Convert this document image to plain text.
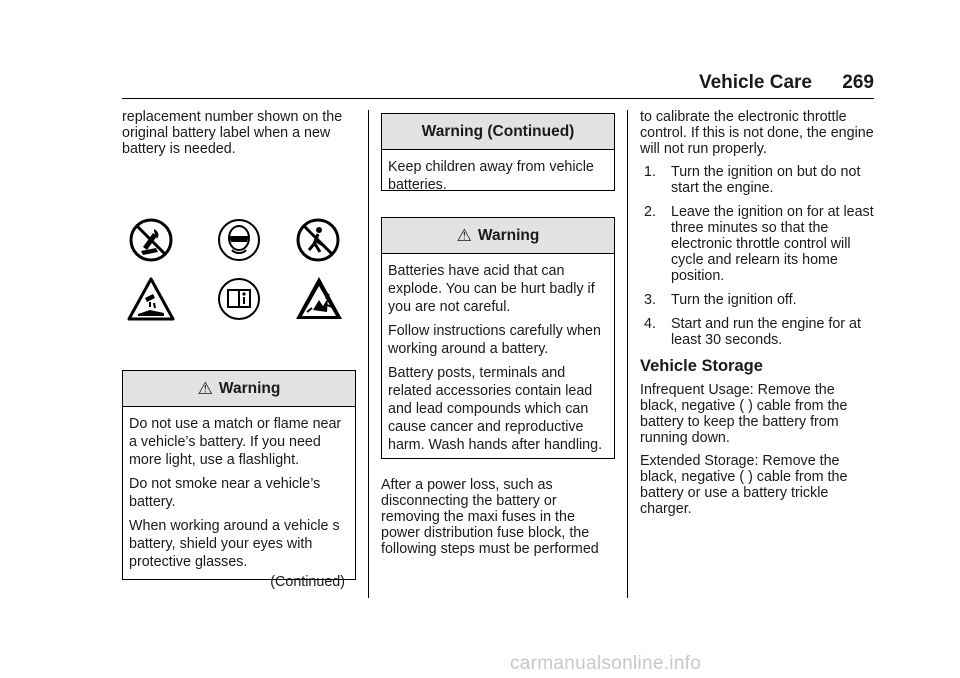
Vehicle Care 269

replacement number shown on the original battery label when a new battery is needed.

⚠ Warning

Do not use a match or flame near a vehicle’s battery. If you need more light, use a flashlight.

Do not smoke near a vehicle’s battery.

When working around a vehicle s battery, shield your eyes with protective glasses.

(Continued)
Warning (Continued)

Keep children away from vehicle batteries.

⚠ Warning

Batteries have acid that can explode. You can be hurt badly if you are not careful.

Follow instructions carefully when working around a battery.

Battery posts, terminals and related accessories contain lead and lead compounds which can cause cancer and reproductive harm. Wash hands after handling.

After a power loss, such as disconnecting the battery or removing the maxi fuses in the power distribution fuse block, the following steps must be performed

to calibrate the electronic throttle control. If this is not done, the engine will not run properly.

1. Turn the ignition on but do not start the engine.
2. Leave the ignition on for at least three minutes so that the electronic throttle control will cycle and relearn its home position.
3. Turn the ignition off.
4. Start and run the engine for at least 30 seconds.
Vehicle Storage

Infrequent Usage: Remove the black, negative ( ) cable from the battery to keep the battery from running down.

Extended Storage: Remove the black, negative ( ) cable from the battery or use a battery trickle charger.

carmanualsonline.info
